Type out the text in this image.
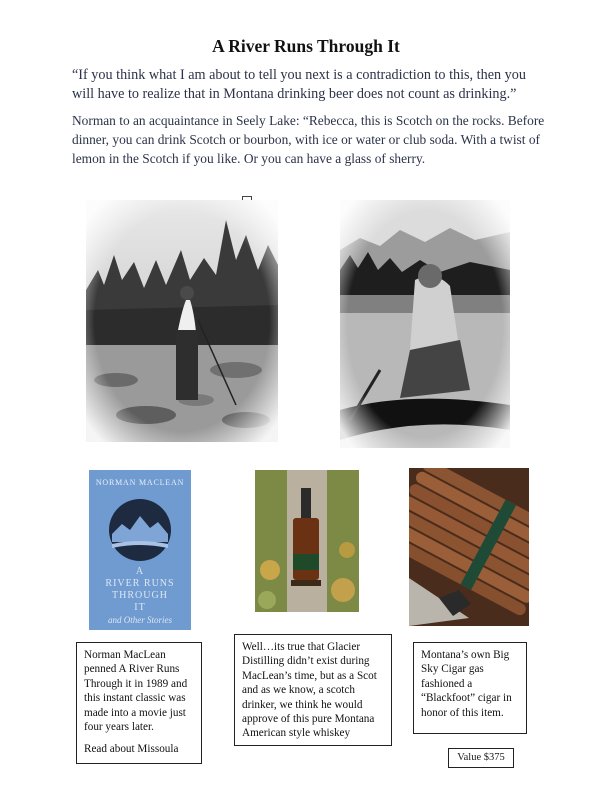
A River Runs Through It
“If you think what I am about to tell you next is a contradiction to this, then you will have to realize that in Montana drinking beer does not count as drinking.”
Norman to an acquaintance in Seely Lake: “Rebecca, this is Scotch on the rocks. Before dinner, you can drink Scotch or bourbon, with ice or water or club soda. With a twist of lemon in the Scotch if you like. Or you can have a glass of sherry.
NORMAN MACLEAN
A
RIVER RUNS
THROUGH
IT
and Other Stories

Norman MacLean penned A River Runs Through it in 1989 and this instant classic was made into a movie just four years later.

Read about Missoula

Well…its true that Glacier Distilling didn’t exist during MacLean’s time, but as a Scot and as we know, a scotch drinker, we think he would approve of this pure Montana American style whiskey

Montana’s own Big Sky Cigar gas fashioned a “Blackfoot” cigar in honor of this item.

Value $375
